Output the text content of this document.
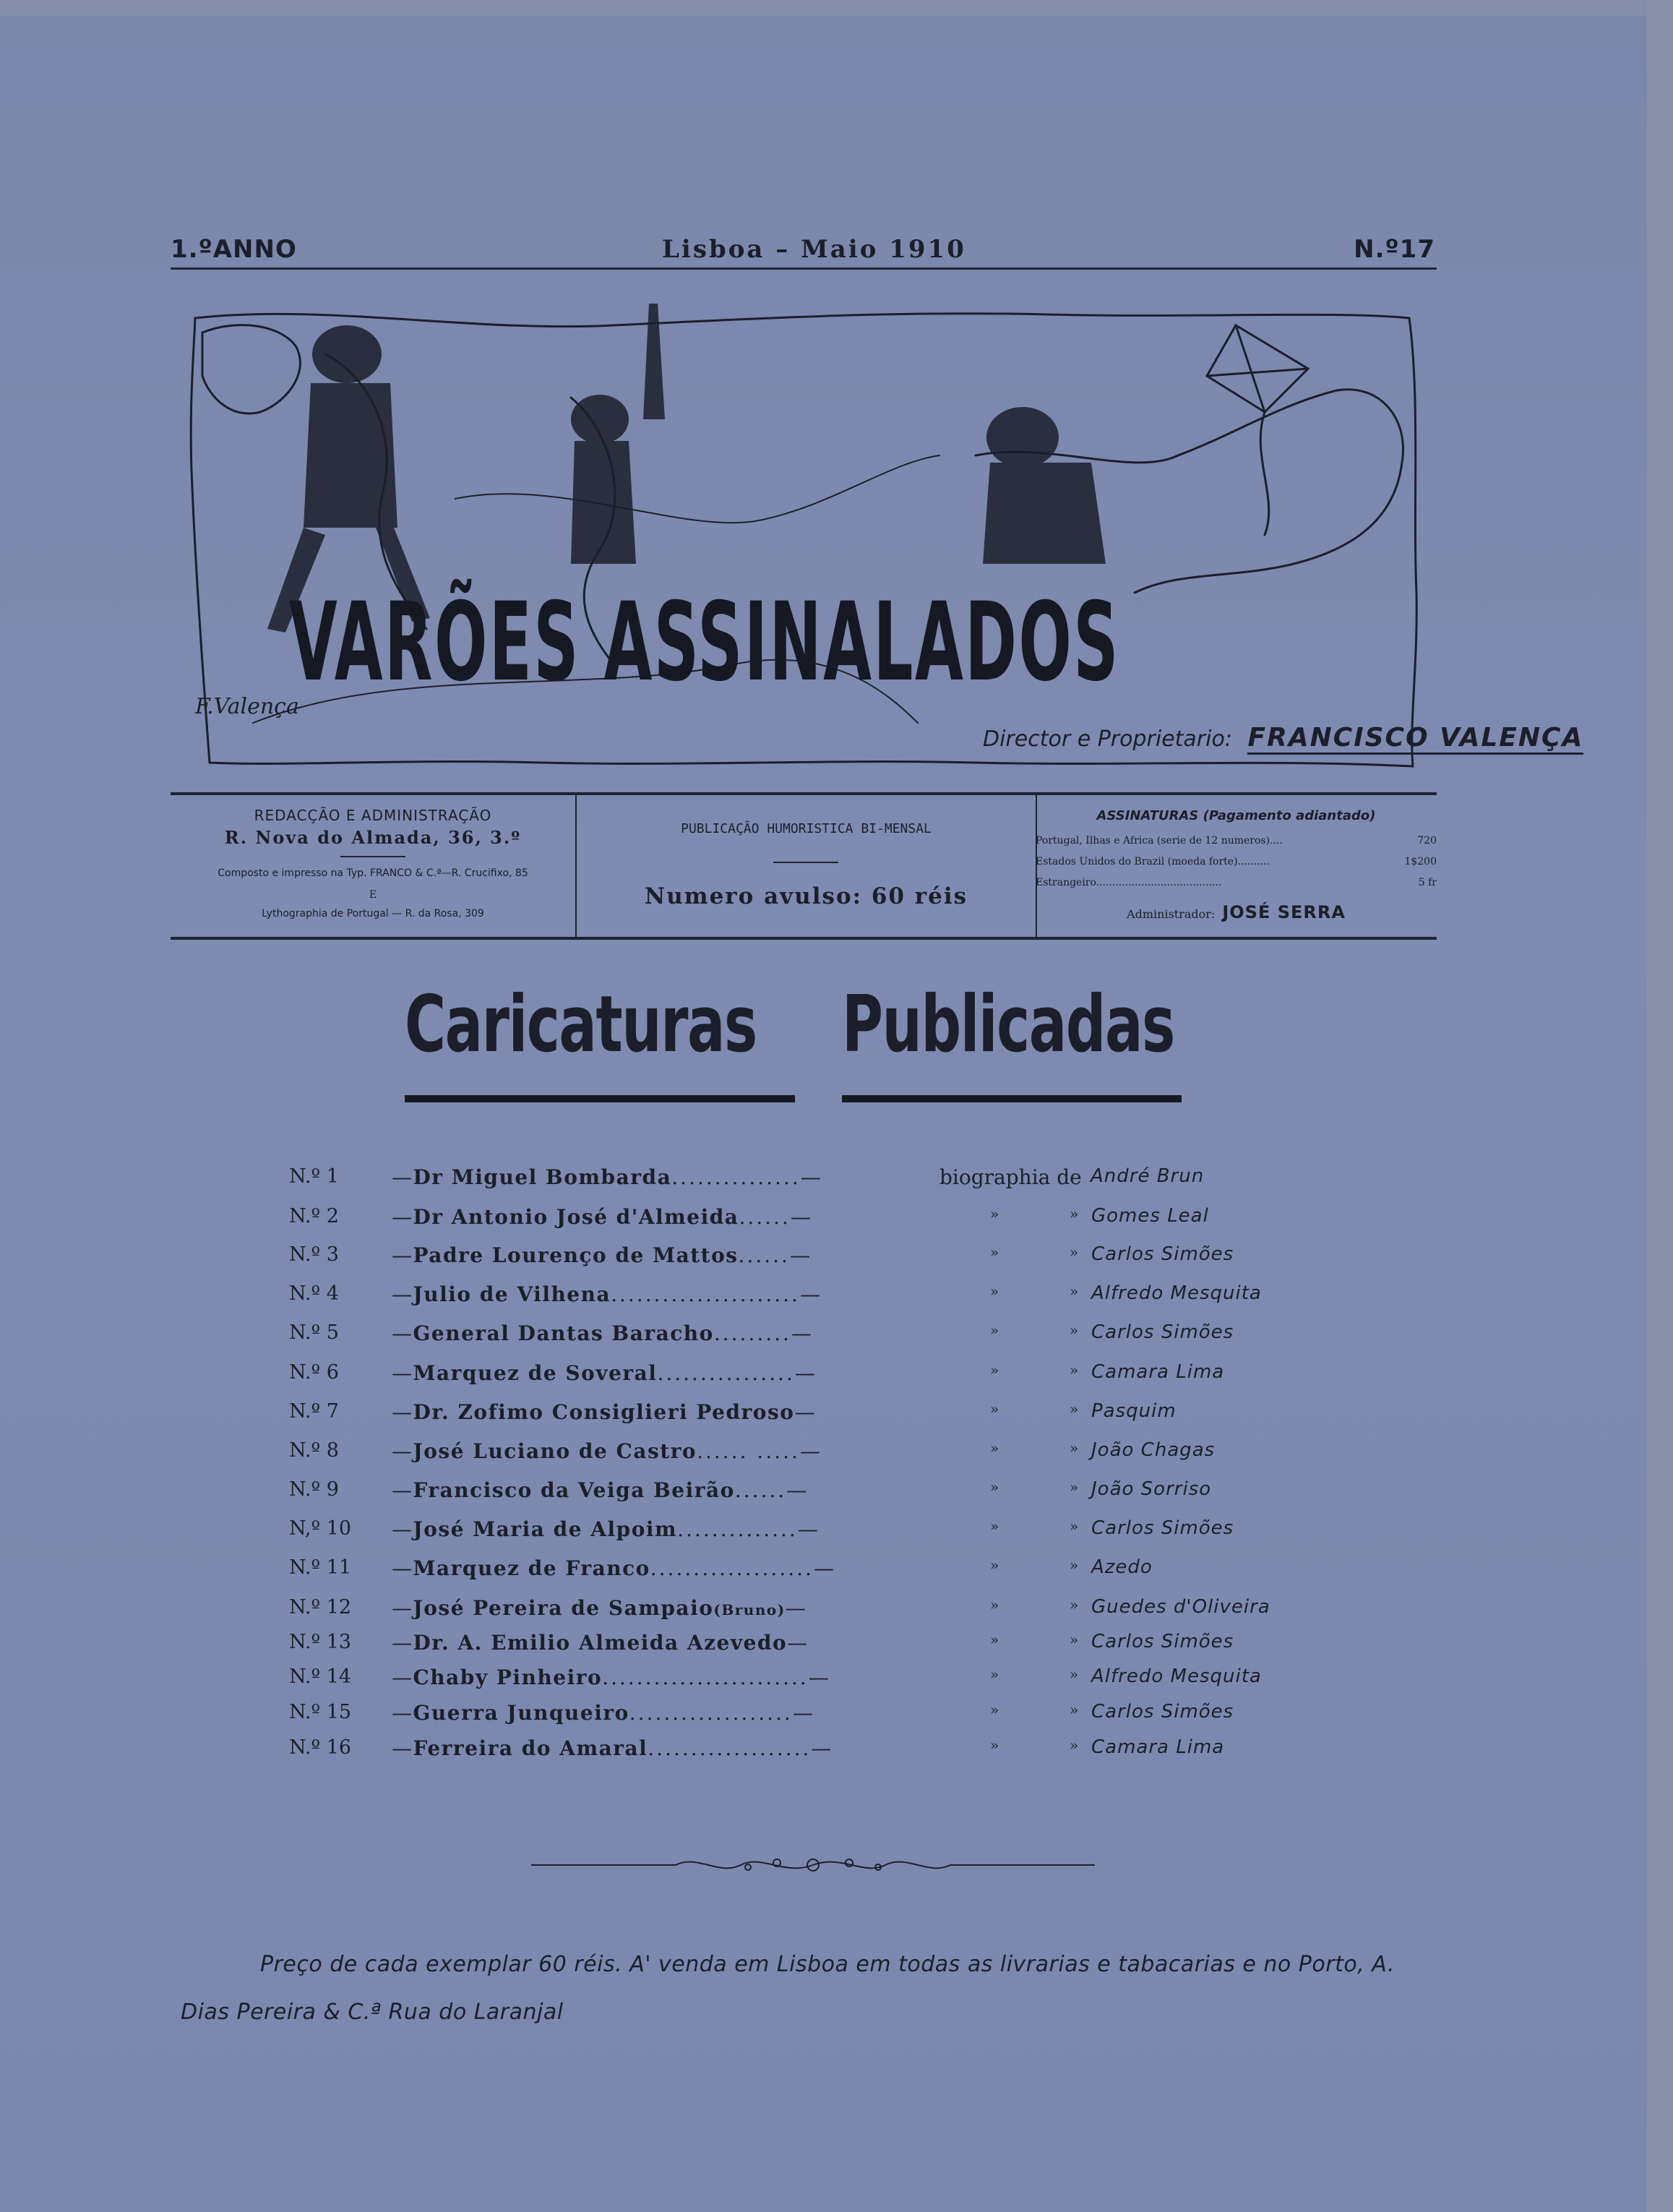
1.ºANNO	Lisboa – Maio 1910	N.º17
VARÕES ASSINALADOS
Director e Proprietario: FRANCISCO VALENÇA
F.Valença
REDACÇÃO E ADMINISTRAÇÃO
R. Nova do Almada, 36, 3.º
Composto e impresso na Typ. FRANCO & C.ª—R. Crucifixo, 85
E
Lythographia de Portugal — R. da Rosa, 309
PUBLICAÇÃO HUMORISTICA BI-MENSAL
Numero avulso: 60 réis
ASSINATURAS (Pagamento adiantado)
Portugal, Ilhas e Africa (serie de 12 numeros)....	720
Estados Unidos do Brazil (moeda forte)..........	1$200
Estrangeiro.......................................	5 fr
Administrador: JOSÉ SERRA
Caricaturas Publicadas
N.º 1	—Dr Miguel Bombarda...............—	biographia de André Brun
N.º 2	—Dr Antonio José d'Almeida......—	»	» Gomes Leal
N.º 3	—Padre Lourenço de Mattos......—	»	» Carlos Simões
N.º 4	—Julio de Vilhena......................—	»	» Alfredo Mesquita
N.º 5	—General Dantas Baracho.........—	»	» Carlos Simões
N.º 6	—Marquez de Soveral................—	»	» Camara Lima
N.º 7	—Dr. Zofimo Consiglieri Pedroso—	»	» Pasquim
N.º 8	—José Luciano de Castro...... .....—	»	» João Chagas
N.º 9	—Francisco da Veiga Beirão......—	»	» João Sorriso
N,º 10 —José Maria de Alpoim..............—	»	» Carlos Simões
N.º 11 —Marquez de Franco...................—	»	» Azedo
N.º 12 —José Pereira de Sampaio(Bruno)—	»	» Guedes d'Oliveira
N.º 13 —Dr. A. Emilio Almeida Azevedo—	»	» Carlos Simões
N.º 14 —Chaby Pinheiro........................—	»	» Alfredo Mesquita
N.º 15 —Guerra Junqueiro...................—	»	» Carlos Simões
N.º 16 —Ferreira do Amaral...................—	»	» Camara Lima
Preço de cada exemplar 60 réis. A' venda em Lisboa em todas as livrarias e tabacarias e no Porto, A.
Dias Pereira & C.ª Rua do Laranjal
